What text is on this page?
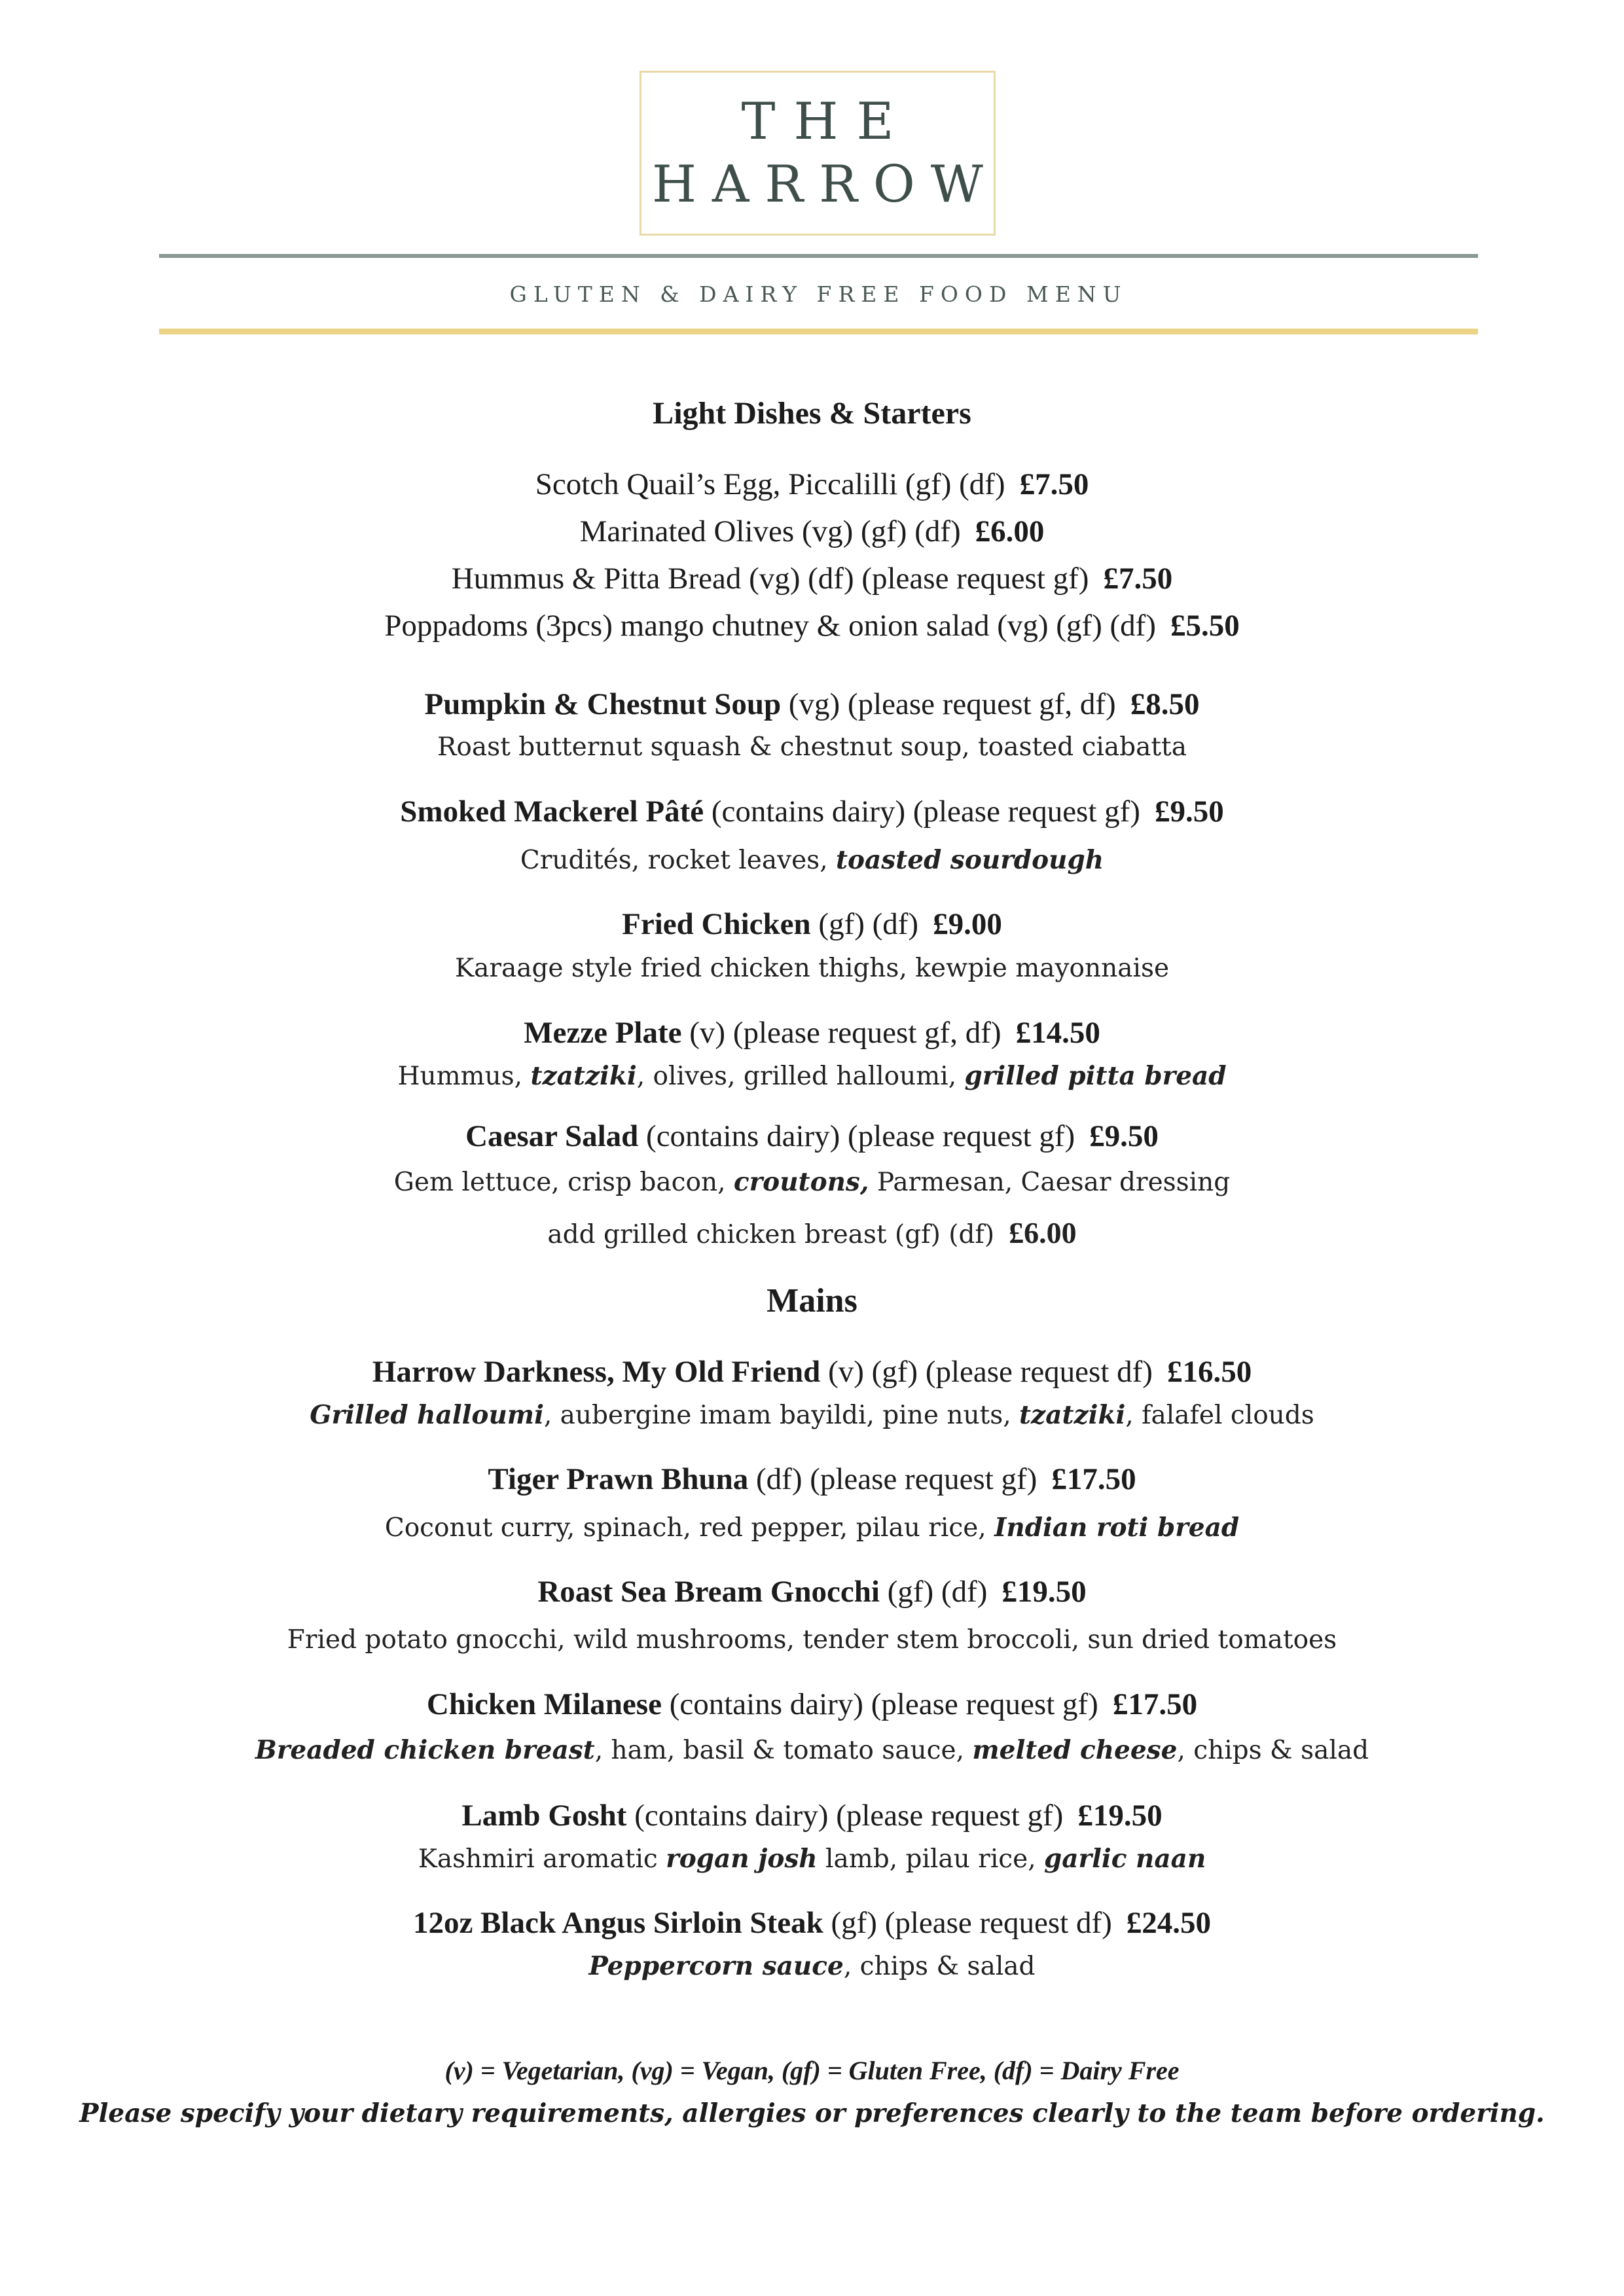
THE
HARROW
GLUTEN & DAIRY FREE FOOD MENU
Light Dishes & Starters
Scotch Quail’s Egg, Piccalilli (gf) (df) £7.50
Marinated Olives (vg) (gf) (df) £6.00
Hummus & Pitta Bread (vg) (df) (please request gf) £7.50
Poppadoms (3pcs) mango chutney & onion salad (vg) (gf) (df) £5.50
Pumpkin & Chestnut Soup (vg) (please request gf, df) £8.50
Roast butternut squash & chestnut soup, toasted ciabatta
Smoked Mackerel Pâté (contains dairy) (please request gf) £9.50
Crudités, rocket leaves, toasted sourdough
Fried Chicken (gf) (df) £9.00
Karaage style fried chicken thighs, kewpie mayonnaise
Mezze Plate (v) (please request gf, df) £14.50
Hummus, tzatziki, olives, grilled halloumi, grilled pitta bread
Caesar Salad (contains dairy) (please request gf) £9.50
Gem lettuce, crisp bacon, croutons, Parmesan, Caesar dressing
add grilled chicken breast (gf) (df) £6.00
Mains
Harrow Darkness, My Old Friend (v) (gf) (please request df) £16.50
Grilled halloumi, aubergine imam bayildi, pine nuts, tzatziki, falafel clouds
Tiger Prawn Bhuna (df) (please request gf) £17.50
Coconut curry, spinach, red pepper, pilau rice, Indian roti bread
Roast Sea Bream Gnocchi (gf) (df) £19.50
Fried potato gnocchi, wild mushrooms, tender stem broccoli, sun dried tomatoes
Chicken Milanese (contains dairy) (please request gf) £17.50
Breaded chicken breast, ham, basil & tomato sauce, melted cheese, chips & salad
Lamb Gosht (contains dairy) (please request gf) £19.50
Kashmiri aromatic rogan josh lamb, pilau rice, garlic naan
12oz Black Angus Sirloin Steak (gf) (please request df) £24.50
Peppercorn sauce, chips & salad
(v) = Vegetarian, (vg) = Vegan, (gf) = Gluten Free, (df) = Dairy Free
Please specify your dietary requirements, allergies or preferences clearly to the team before ordering.
